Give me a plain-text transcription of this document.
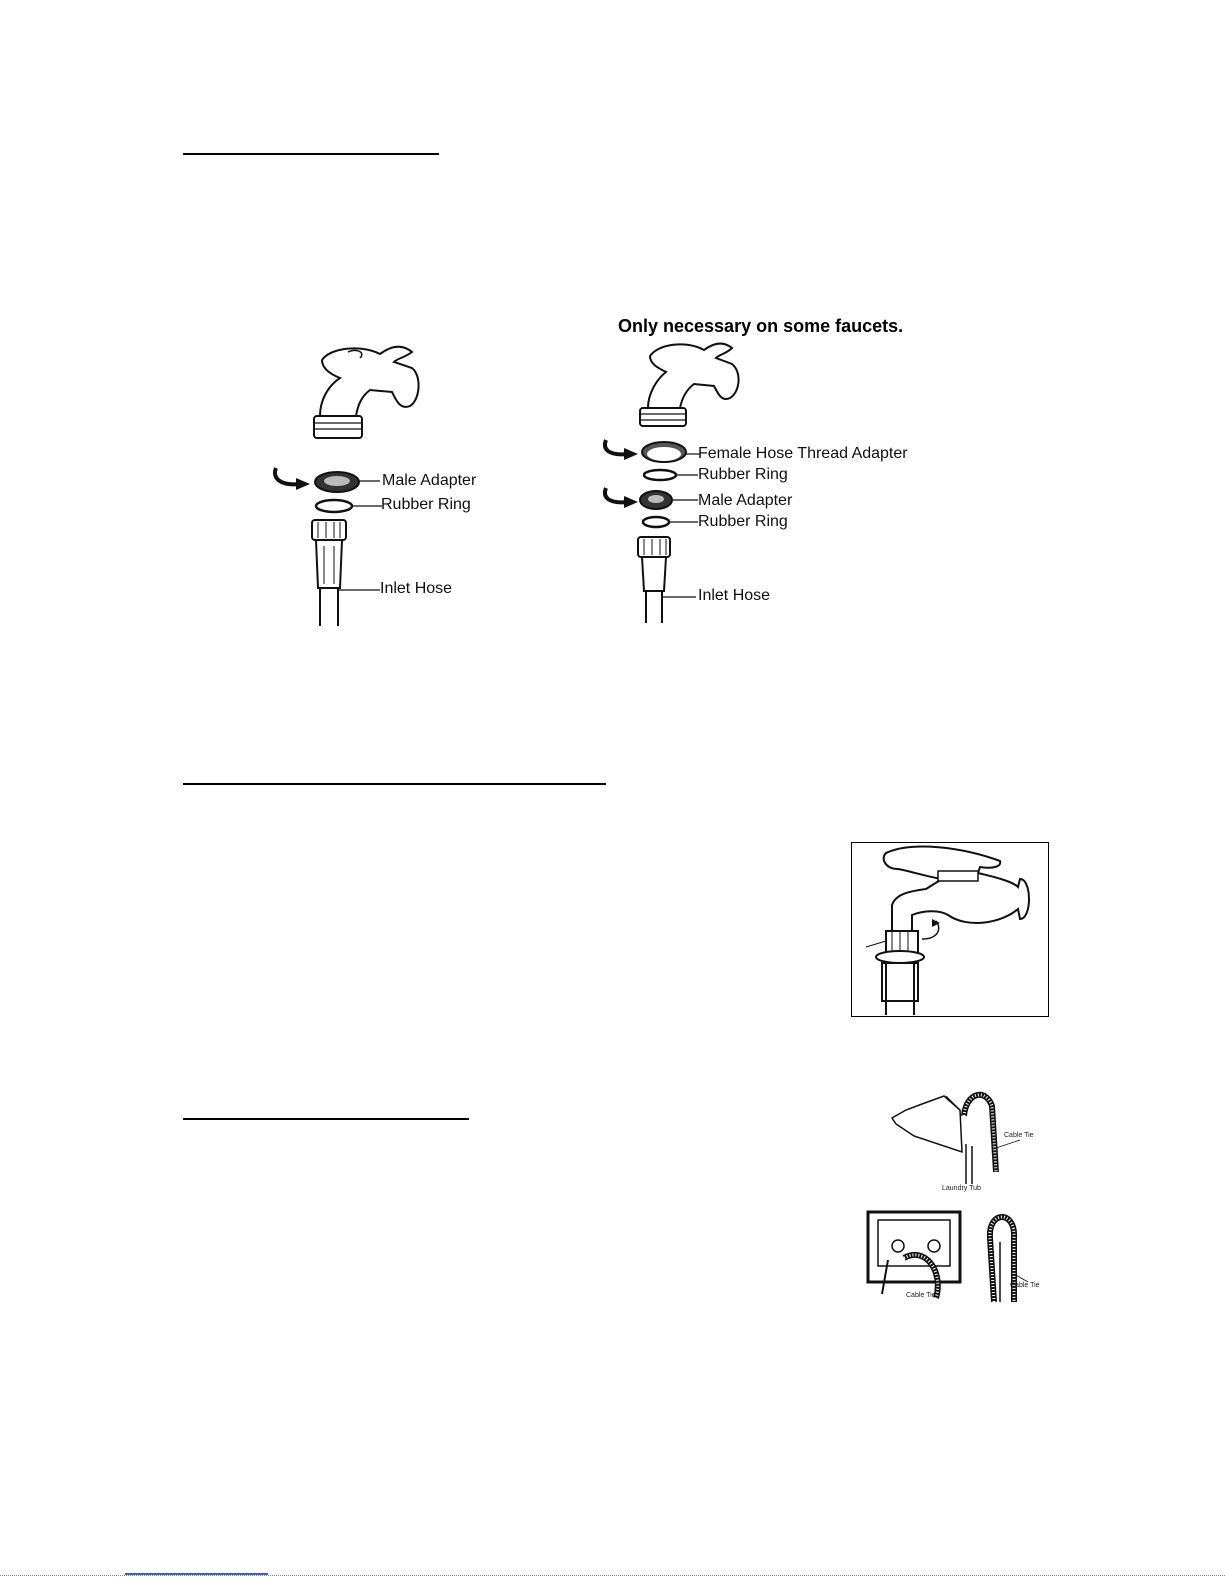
Male Adapter
Rubber Ring
Inlet Hose
Only necessary on some faucets.
Female Hose Thread Adapter
Rubber Ring
Male Adapter
Rubber Ring
Inlet Hose
Cable Tie
Laundry Tub
Cable Tie
Cable Tie
